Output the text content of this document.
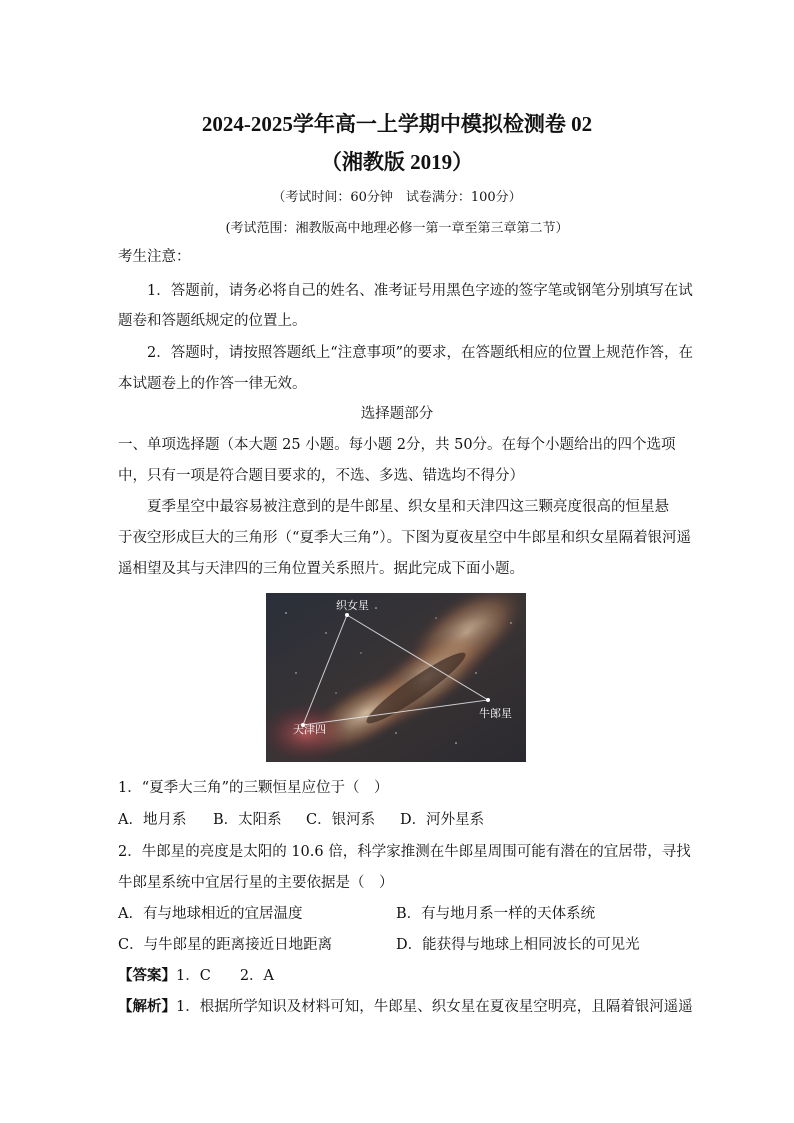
2024-2025学年高一上学期中模拟检测卷 02
（湘教版 2019）
（考试时间：60分钟　试卷满分：100分）
(考试范围：湘教版高中地理必修一第一章至第三章第二节）
考生注意：
1．答题前，请务必将自己的姓名、准考证号用黑色字迹的签字笔或钢笔分别填写在试
题卷和答题纸规定的位置上。
2．答题时，请按照答题纸上“注意事项”的要求，在答题纸相应的位置上规范作答，在
本试题卷上的作答一律无效。
选择题部分
一、单项选择题（本大题 25 小题。每小题 2分，共 50分。在每个小题给出的四个选项
中，只有一项是符合题目要求的，不选、多选、错选均不得分）
夏季星空中最容易被注意到的是牛郎星、织女星和天津四这三颗亮度很高的恒星悬
于夜空形成巨大的三角形（“夏季大三角”）。下图为夏夜星空中牛郎星和织女星隔着银河遥
遥相望及其与天津四的三角位置关系照片。据此完成下面小题。
织女星
牛郎星
天津四
1．“夏季大三角”的三颗恒星应位于（　）
A．地月系 B．太阳系 C．银河系 D．河外星系
2．牛郎星的亮度是太阳的 10.6 倍，科学家推测在牛郎星周围可能有潜在的宜居带，寻找
牛郎星系统中宜居行星的主要依据是（　）
A．有与地球相近的宜居温度	B．有与地月系一样的天体系统
C．与牛郎星的距离接近日地距离	D．能获得与地球上相同波长的可见光
【答案】1．C　　2．A
【解析】1．根据所学知识及材料可知，牛郎星、织女星在夏夜星空明亮，且隔着银河遥遥
